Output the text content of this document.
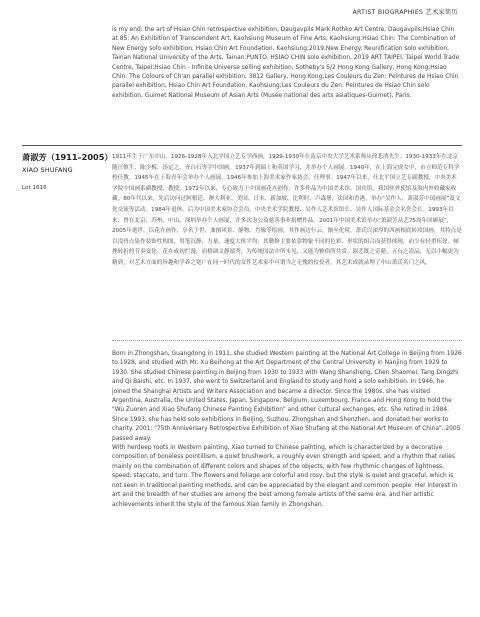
ARTIST BIOGRAPHIES 艺术家简历

is my end: the art of Hsiao Chin retrospective exhibition, Daugavpils Mark Rothko Art Centre, Daugavpils;Hsiao Chin at 85: An Exhibition of Transcendent Art, Kaohsiung Museum of Fine Arts, Kaohsiung;Hsiao Chin: The Combination of New Energy solo exhibition, Hsiao Chin Art Foundation, Kaohsiung;2019,New Energy. Reunification solo exhibition, Tainan National University of the Arts, Tainan;PUNTO. HSIAO CHIN solo exhibition, 2019 ART TAIPEI, Taipei World Trade Centre, Taipei;Hsiao Chin - Infinite Universe selling exhibition, Sotheby's S/2 Hong Kong Gallery, Hong Kong;Hsiao Chin: The Colours of Ch'an parallel exhibition, 3812 Gallery, Hong Kong;Les Couleurs du Zen: Peintures de Hsiao Chin parallel exhibition, Hsiao Chin Art Foundation, Kaohsiung;Les Couleurs du Zen: Peintures de Hsiao Chin solo exhibition, Guimet National Museum of Asian Arts (Musée national des arts asiatiques-Guimet), Paris.

萧淑芳（1911–2005）
XIAO SHUFANG
Lot 1616

1911年生于广东中山。1926-1928年入北平国立艺专学西画，1929-1930年在南京中央大学艺术系师从徐悲鸿先生。1930-1933年在北京随汪慎生、陈少梅、汤定之、齐白石等学中国画。1937年到瑞士和英国学习，并举办个人画展。1940年，在上海完成女中，市立师范专科学校任教。1945年在上海青年会举办个人画展。1946年参加上海美术家作家协会，任理事。1947年以来，任北平国立艺专副教授，中央美术学院中国画系副教授、教授。1972年以来，专心致力于中国画花卉创作，许多作品为中国美术馆、国宾馆、我国驻外使馆及海内外收藏家收藏。80年代以来，先后访问过阿根廷、澳大利亚、美国、日本、新加坡、比利时、卢森堡、法国和香港，举办“吴作人、萧淑芳中国画展”及文化交流等活动。1984年退休。后为中国美术家协会会员、中央美术学院教授、吴作人艺术馆馆长、吴作人国际基金会名誉会长。1993年以来，曾在北京、苏州、中山、深圳举办个人画展，并多次为公益慈善事业捐赠作品。2001年中国美术馆举办“萧淑芳从艺75周年回顾展”，2005年逝世。以花卉画作，享名于世，兼擅风景、静物、肖像等绘画，其作画迈行云，渐至化境，萧氏以深厚的西画根底转攻国画，其特点是以没骨点染作装饰性构图，用笔沉静、力量、速度大体平均，其勤修主要依靠物象不同的色彩、形状的组合而获得体现，而少有轻重疾徐、顿挫转折的节奏变化。花卉或初烂漫，而格调文静端秀，为传统国法中所未见，又能为雅俗所共赏。淑艺既之奇葩，五台之清品，无以小幅更为精到，对艺术方面的旨趣和学养之宽广在同一时代的女性艺术家中可谓当之无愧的佼佼者，其艺术成就录埋了中山萧氏名门之风。

Born in Zhongshan, Guangdong in 1911, she studied Western painting at the National Art College in Beijing from 1926 to 1928, and studied with Mr. Xu Beihong at the Art Department of the Central University in Nanjing from 1929 to 1930. She studied Chinese painting in Beijing from 1930 to 1933 with Wang Shansheng, Chen Shaomei, Tang Dingzhi and Qi Baishi, etc. In 1937, she went to Switzerland and England to study and hold a solo exhibition. In 1946, he joined the Shanghai Artists and Writers Association and became a director. Since the 1980s, she has visited Argentina, Australia, the United States, Japan, Singapore, Belgium, Luxembourg, France and Hong Kong to hold the "Wu Zuoren and Xiao Shufang Chinese Painting Exhibition" and other cultural exchanges, etc. She retired in 1984. Since 1993, she has held solo exhibitions in Beijing, Suzhou, Zhongshan and Shenzhen, and donated her works to charity. 2001: "75th Anniversary Retrospective Exhibition of Xiao Shufang at the National Art Museum of China". 2005 passed away.

With herdeep roots in Western painting, Xiao turned to Chinese painting, which is characterized by a decorative composition of boneless pointillism, a quiet brushwork, a roughly even strength and speed, and a rhythm that relies mainly on the combination of different colors and shapes of the objects, with few rhythmic changes of lightness, speed, staccato, and turn. The flowers and foliage are colorful and rosy, but the style is quiet and graceful, which is not seen in traditional painting methods, and can be appreciated by the elegant and common people. Her interest in art and the breadth of her studies are among the best among female artists of the same era, and her artistic achievements inherit the style of the famous Xiao family in Zhongshan.
